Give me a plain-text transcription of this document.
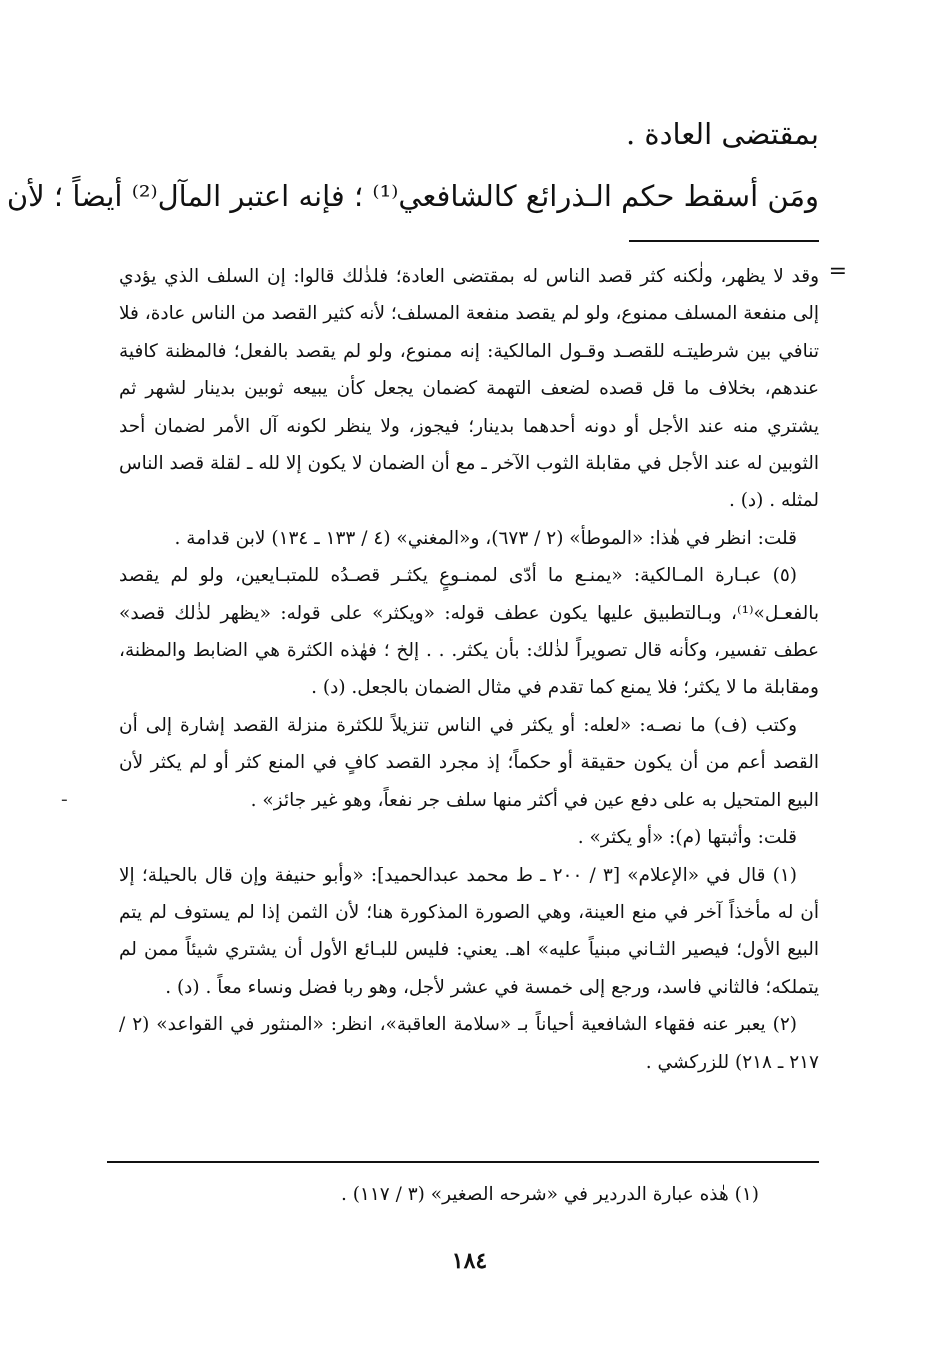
بمقتضى العادة .
ومَن أسقط حكم الـذرائع كالشافعي⁽¹⁾ ؛ فإنه اعتبر المآل⁽²⁾ أيضاً ؛ لأن
=

وقد لا يظهر، ولٰكنه كثر قصد الناس له بمقتضى العادة؛ فلذٰلك قالوا: إن السلف الذي يؤدي إلى منفعة المسلف ممنوع، ولو لم يقصد منفعة المسلف؛ لأنه كثير القصد من الناس عادة، فلا تنافي بين شرطيتـه للقصـد وقـول المالكية: إنه ممنوع، ولو لم يقصد بالفعل؛ فالمظنة كافية عندهم، بخلاف ما قل قصده لضعف التهمة كضمان يجعل كأن يبيعه ثوبين بدينار لشهر ثم يشتري منه عند الأجل أو دونه أحدهما بدينار؛ فيجوز، ولا ينظر لكونه آل الأمر لضمان أحد الثوبين له عند الأجل في مقابلة الثوب الآخر ـ مع أن الضمان لا يكون إلا لله ـ لقلة قصد الناس لمثله . (د) .

قلت: انظر في هٰذا: «الموطأ» (٢ / ٦٧٣)، و«المغني» (٤ / ١٣٣ ـ ١٣٤) لابن قدامة .

(٥) عبـارة المـالكية: «يمنـع ما أدّى لممنـوعٍ يكثـر قصـدُه للمتبـايعين، ولو لم يقصد بالفعـل»⁽¹⁾، وبـالتطبيق عليها يكون عطف قوله: «ويكثر» على قوله: «يظهر لذٰلك قصد» عطف تفسير، وكأنه قال تصويراً لذٰلك: بأن يكثر. . . إلخ ؛ فهٰذه الكثرة هي الضابط والمظنة، ومقابلة ما لا يكثر؛ فلا يمنع كما تقدم في مثال الضمان بالجعل. (د) .

وكتب (ف) ما نصـه: «لعله: أو يكثر في الناس تنزيلاً للكثرة منزلة القصد إشارة إلى أن القصد أعم من أن يكون حقيقة أو حكماً؛ إذ مجرد القصد كافٍ في المنع كثر أو لم يكثر لأن البيع المتحيل به على دفع عين في أكثر منها سلف جر نفعاً، وهو غير جائز» .

قلت: وأثبتها (م): «أو يكثر» .

(١) قال في «الإعلام» [٣ / ٢٠٠ ـ ط محمد عبدالحميد]: «وأبو حنيفة وإن قال بالحيلة؛ إلا أن له مأخذاً آخر في منع العينة، وهي الصورة المذكورة هنا؛ لأن الثمن إذا لم يستوف لم يتم البيع الأول؛ فيصير الثـاني مبنياً عليه» اهـ. يعني: فليس للبـائع الأول أن يشتري شيئاً ممن لم يتملكه؛ فالثاني فاسد، ورجع إلى خمسة في عشر لأجل، وهو ربا فضل ونساء معاً . (د) .

(٢) يعبر عنه فقهاء الشافعية أحياناً بـ «سلامة العاقبة»، انظر: «المنثور في القواعد» (٢ / ٢١٧ ـ ٢١٨) للزركشي .

ـ
(١) هٰذه عبارة الدردير في «شرحه الصغير» (٣ / ١١٧) .
١٨٤
